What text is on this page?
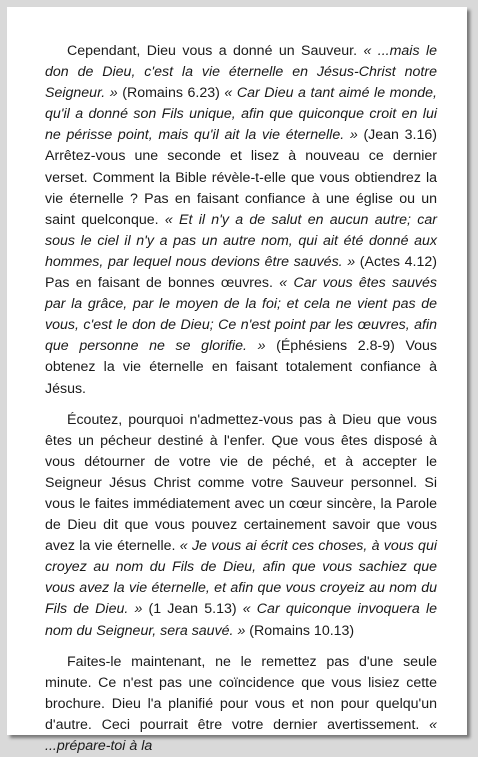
Cependant, Dieu vous a donné un Sauveur. « ...mais le don de Dieu, c'est la vie éternelle en Jésus-Christ notre Seigneur. » (Romains 6.23) « Car Dieu a tant aimé le monde, qu'il a donné son Fils unique, afin que quiconque croit en lui ne périsse point, mais qu'il ait la vie éternelle. » (Jean 3.16) Arrêtez-vous une seconde et lisez à nouveau ce dernier verset. Comment la Bible révèle-t-elle que vous obtiendrez la vie éternelle ? Pas en faisant confiance à une église ou un saint quelconque. « Et il n'y a de salut en aucun autre; car sous le ciel il n'y a pas un autre nom, qui ait été donné aux hommes, par lequel nous devions être sauvés. » (Actes 4.12) Pas en faisant de bonnes œuvres. « Car vous êtes sauvés par la grâce, par le moyen de la foi; et cela ne vient pas de vous, c'est le don de Dieu; Ce n'est point par les œuvres, afin que personne ne se glorifie. » (Éphésiens 2.8-9) Vous obtenez la vie éternelle en faisant totalement confiance à Jésus.

Écoutez, pourquoi n'admettez-vous pas à Dieu que vous êtes un pécheur destiné à l'enfer. Que vous êtes disposé à vous détourner de votre vie de péché, et à accepter le Seigneur Jésus Christ comme votre Sauveur personnel. Si vous le faites immédiatement avec un cœur sincère, la Parole de Dieu dit que vous pouvez certainement savoir que vous avez la vie éternelle. « Je vous ai écrit ces choses, à vous qui croyez au nom du Fils de Dieu, afin que vous sachiez que vous avez la vie éternelle, et afin que vous croyeiz au nom du Fils de Dieu. » (1 Jean 5.13) « Car quiconque invoquera le nom du Seigneur, sera sauvé. » (Romains 10.13)

Faites-le maintenant, ne le remettez pas d'une seule minute. Ce n'est pas une coïncidence que vous lisiez cette brochure. Dieu l'a planifié pour vous et non pour quelqu'un d'autre. Ceci pourrait être votre dernier avertissement. « ...prépare-toi à la
